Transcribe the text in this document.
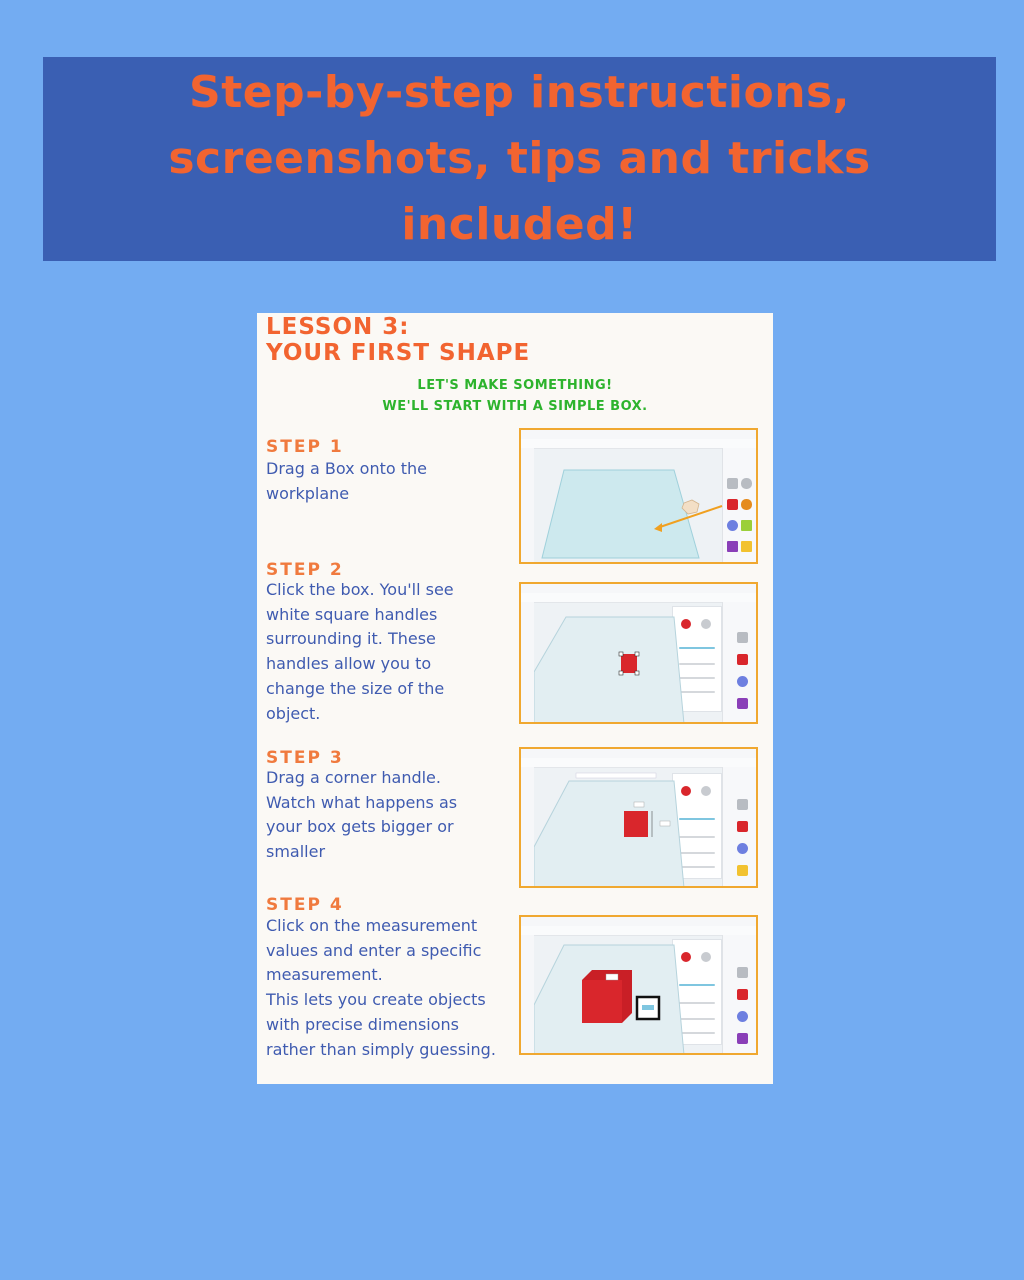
Step-by-step instructions, screenshots, tips and tricks included!
LESSON 3:
YOUR FIRST SHAPE
LET'S MAKE SOMETHING!
WE'LL START WITH A SIMPLE BOX.
STEP 1

Drag a Box onto the
workplane

STEP 2

Click the box. You'll see
white square handles
surrounding it. These
handles allow you to
change the size of the
object.

STEP 3

Drag a corner handle.
Watch what happens as
your box gets bigger or
smaller

STEP 4

Click on the measurement
values and enter a specific
measurement.
This lets you create objects
with precise dimensions
rather than simply guessing.
